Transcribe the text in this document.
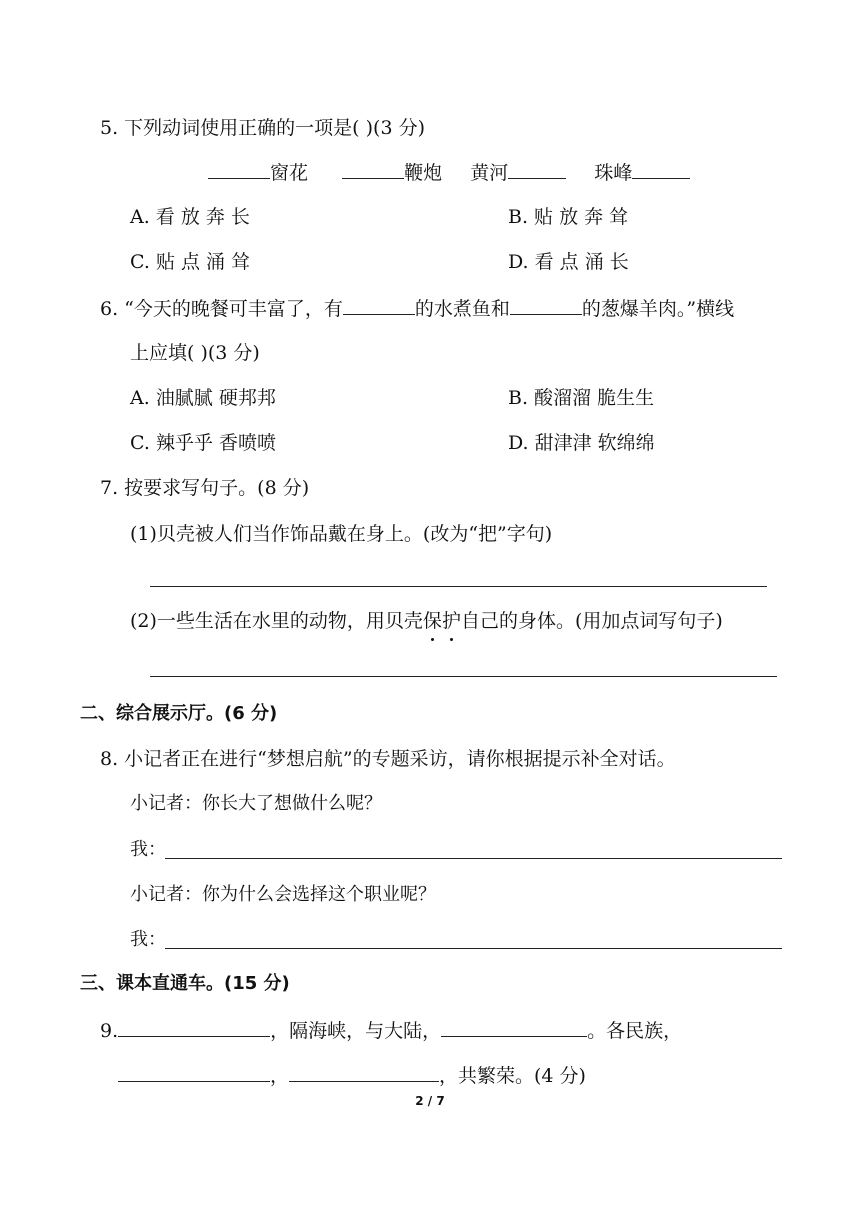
5. 下列动词使用正确的一项是( )(3 分)
窗花	鞭炮 黄河	珠峰
A. 看 放 奔 长	B. 贴 放 奔 耸
C. 贴 点 涌 耸	D. 看 点 涌 长
6. “今天的晚餐可丰富了，有	的水煮鱼和	的葱爆羊肉。”横线
上应填( )(3 分)
A. 油腻腻 硬邦邦	B. 酸溜溜 脆生生
C. 辣乎乎 香喷喷	D. 甜津津 软绵绵
7. 按要求写句子。(8 分)
(1)贝壳被人们当作饰品戴在身上。(改为“把”字句)
(2)一些生活在水里的动物，用贝壳保护自己的身体。(用加点词写句子)
二、综合展示厅。(6 分)
8. 小记者正在进行“梦想启航”的专题采访，请你根据提示补全对话。
小记者：你长大了想做什么呢？
我：
小记者：你为什么会选择这个职业呢？
我：
三、课本直通车。(15 分)
9.	，隔海峡，与大陆，	。各民族，
，	，共繁荣。(4 分)
2 / 7
